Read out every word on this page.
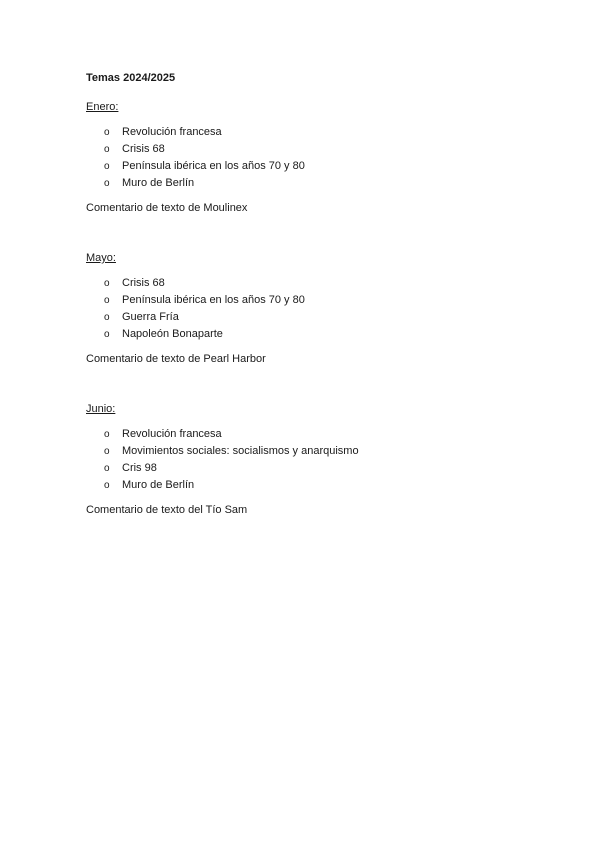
Temas 2024/2025

Enero:

o Revolución francesa
o Crisis 68
o Península ibérica en los años 70 y 80
o Muro de Berlín

Comentario de texto de Moulinex

Mayo:

o Crisis 68
o Península ibérica en los años 70 y 80
o Guerra Fría
o Napoleón Bonaparte

Comentario de texto de Pearl Harbor

Junio:

o Revolución francesa
o Movimientos sociales: socialismos y anarquismo
o Cris 98
o Muro de Berlín

Comentario de texto del Tío Sam
